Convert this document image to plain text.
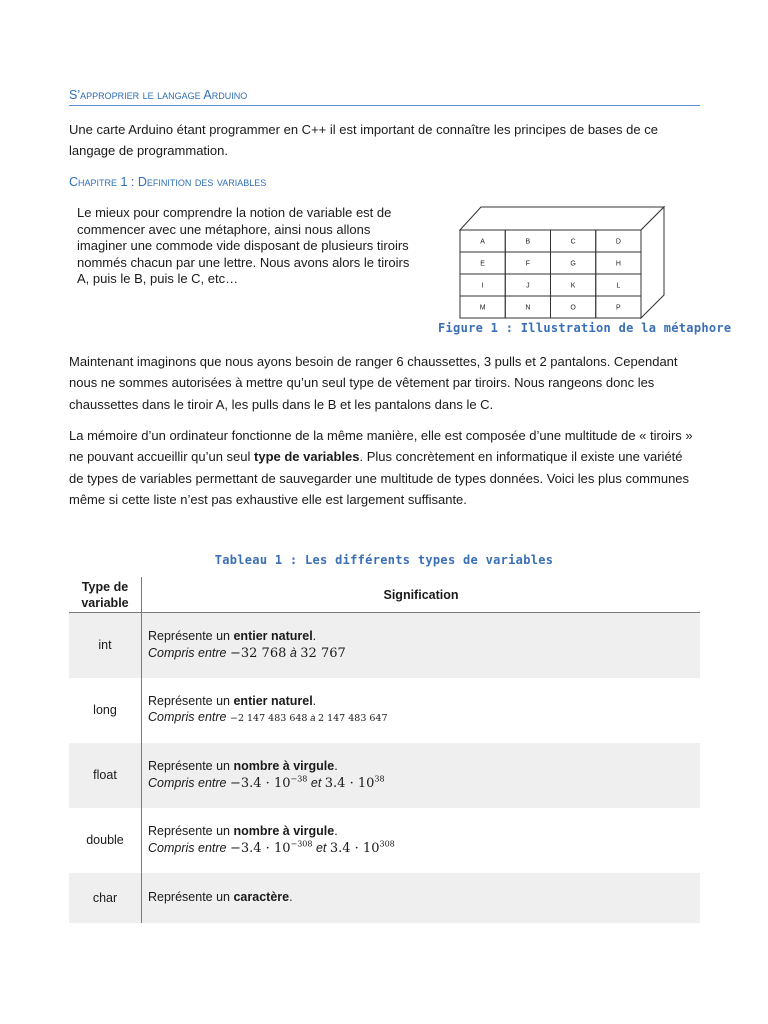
S’approprier le langage Arduino
Une carte Arduino étant programmer en C++ il est important de connaître les principes de bases de ce langage de programmation.
Chapitre 1 : Definition des variables
Le mieux pour comprendre la notion de variable est de commencer avec une métaphore, ainsi nous allons imaginer une commode vide disposant de plusieurs tiroirs nommés chacun par une lettre. Nous avons alors le tiroirs A, puis le B, puis le C, etc…
A	B	C	D
E	F	G	H
I	J	K	L
M	N	O	P
Figure 1 : Illustration de la métaphore
Maintenant imaginons que nous ayons besoin de ranger 6 chaussettes, 3 pulls et 2 pantalons. Cependant nous ne sommes autorisées à mettre qu’un seul type de vêtement par tiroirs. Nous rangeons donc les chaussettes dans le tiroir A, les pulls dans le B et les pantalons dans le C.
La mémoire d’un ordinateur fonctionne de la même manière, elle est composée d’une multitude de « tiroirs » ne pouvant accueillir qu’un seul type de variables. Plus concrètement en informatique il existe une variété de types de variables permettant de sauvegarder une multitude de types données. Voici les plus communes même si cette liste n’est pas exhaustive elle est largement suffisante.
Tableau 1 : Les différents types de variables
Type de variable	Signification
int	Représente un entier naturel.
Compris entre −32 768 à 32 767

long	Représente un entier naturel.
Compris entre −2 147 483 648 à 2 147 483 647

float	Représente un nombre à virgule.
Compris entre $-3.4 \cdot 10^{-38}$ et $3.4 \cdot 10^{38}$

double	Représente un nombre à virgule.
Compris entre $-3.4 \cdot 10^{-308}$ et $3.4 \cdot 10^{308}$

char	Représente un caractère.
